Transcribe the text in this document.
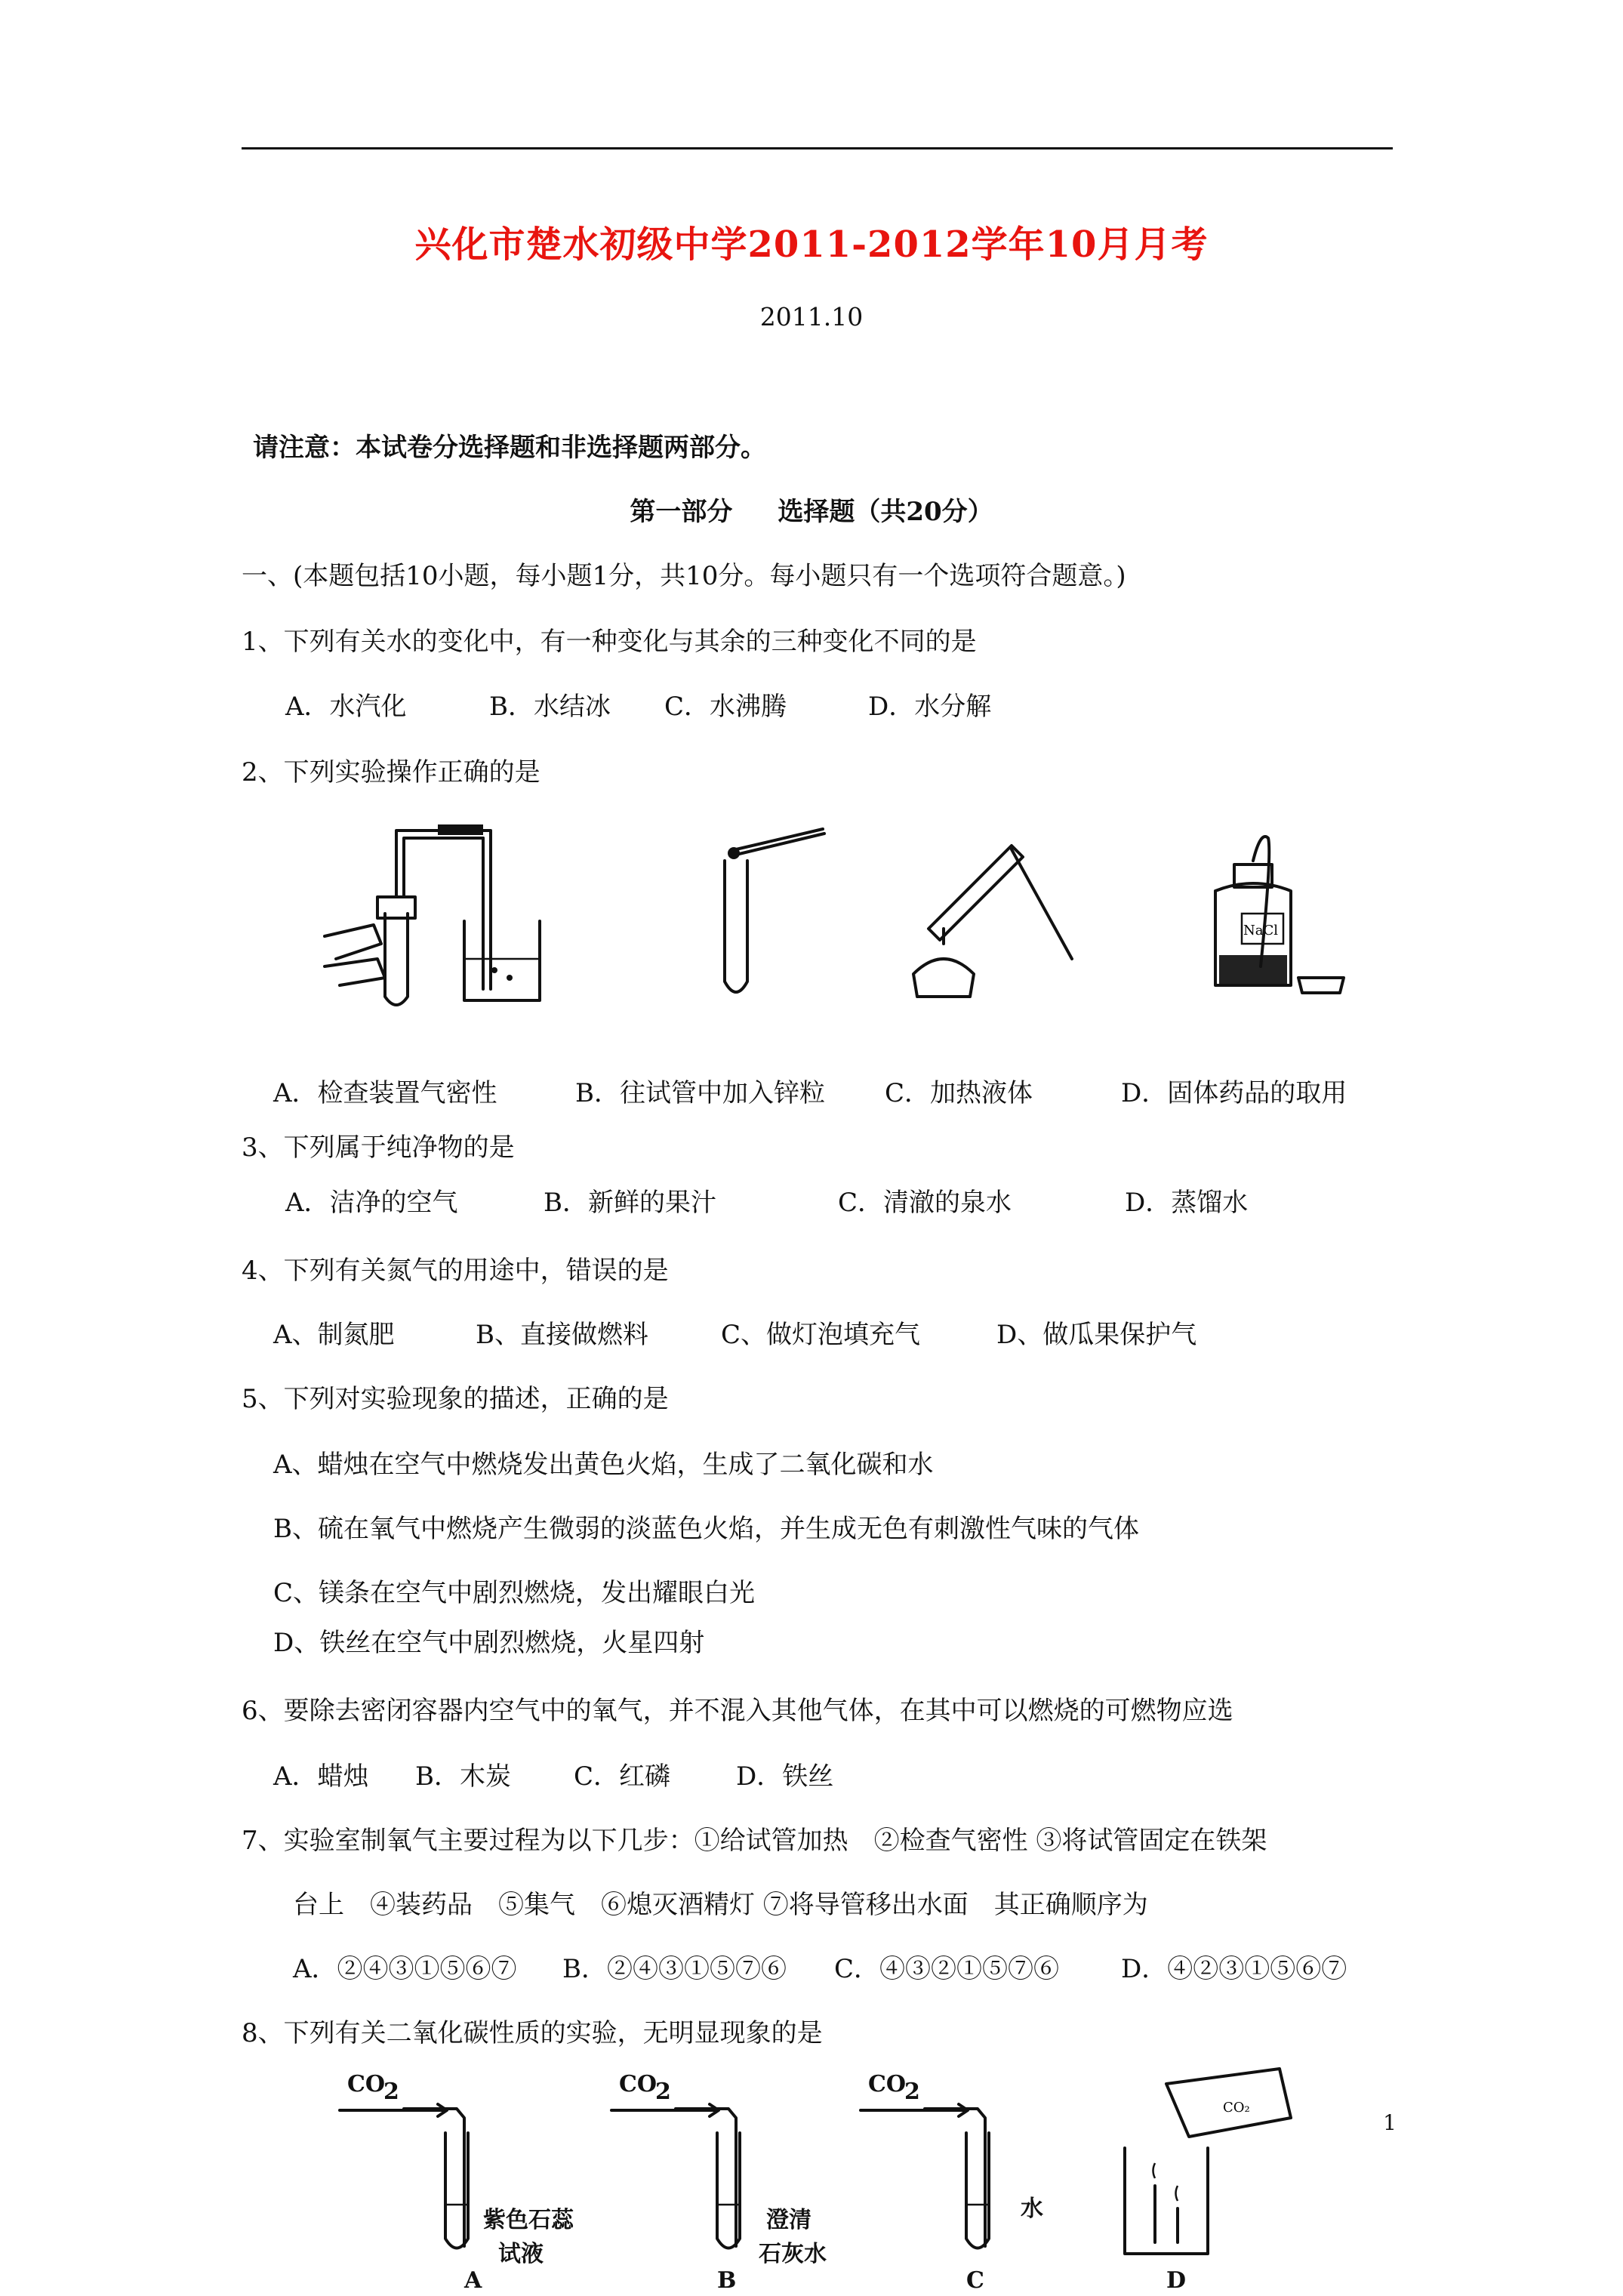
兴化市楚水初级中学2011-2012学年10月月考
2011.10
请注意：本试卷分选择题和非选择题两部分。
第一部分 选择题（共20分）
一、(本题包括10小题，每小题1分，共10分。每小题只有一个选项符合题意。)
1、下列有关水的变化中，有一种变化与其余的三种变化不同的是
A．水汽化	B．水结冰 C．水沸腾	D．水分解
2、下列实验操作正确的是
NaCl
A．检查装置气密性	B．往试管中加入锌粒 C．加热液体	D．固体药品的取用
3、下列属于纯净物的是
A．洁净的空气	B．新鲜的果汁	C．清澈的泉水	D．蒸馏水
4、下列有关氮气的用途中，错误的是
A、制氮肥	B、直接做燃料	C、做灯泡填充气	D、做瓜果保护气
5、下列对实验现象的描述，正确的是
A、蜡烛在空气中燃烧发出黄色火焰，生成了二氧化碳和水
B、硫在氧气中燃烧产生微弱的淡蓝色火焰，并生成无色有刺激性气味的气体
C、镁条在空气中剧烈燃烧，发出耀眼白光
D、铁丝在空气中剧烈燃烧，火星四射
6、要除去密闭容器内空气中的氧气，并不混入其他气体，在其中可以燃烧的可燃物应选
A．蜡烛 B．木炭 C．红磷	D．铁丝
7、实验室制氧气主要过程为以下几步：①给试管加热　②检查气密性 ③将试管固定在铁架
台上　④装药品　⑤集气　⑥熄灭酒精灯 ⑦将导管移出水面　其正确顺序为
A．②④③①⑤⑥⑦ B．②④③①⑤⑦⑥ C．④③②①⑤⑦⑥ D．④②③①⑤⑥⑦
8、下列有关二氧化碳性质的实验，无明显现象的是
CO
2
紫色石蕊
试液
A
CO
2
澄清
石灰水
B
CO
2
水
C
CO₂
D
1
